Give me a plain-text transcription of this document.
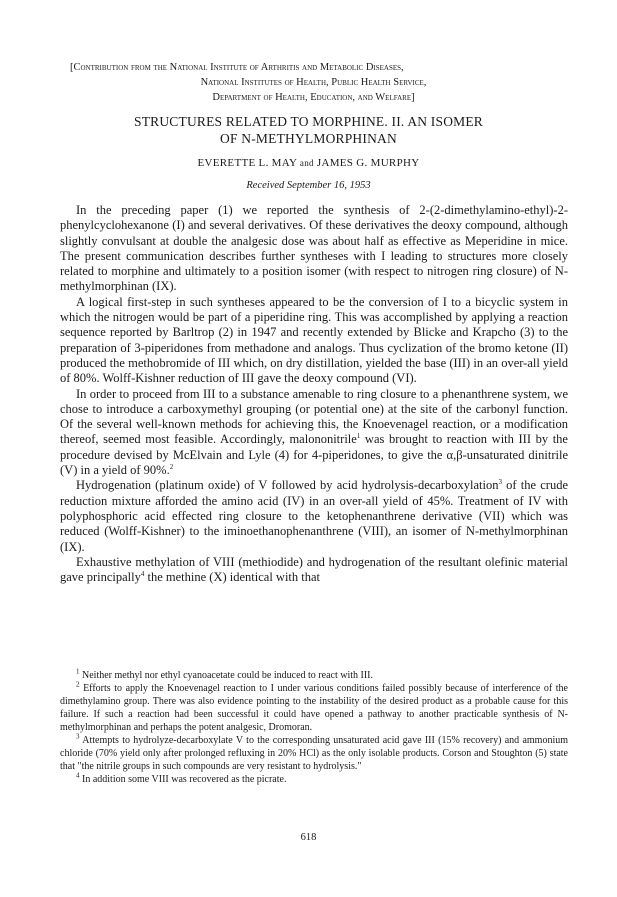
[Contribution from the National Institute of Arthritis and Metabolic Diseases,
National Institutes of Health, Public Health Service,
Department of Health, Education, and Welfare]
STRUCTURES RELATED TO MORPHINE. II. AN ISOMER
OF N-METHYLMORPHINAN
EVERETTE L. MAY and JAMES G. MURPHY
Received September 16, 1953

In the preceding paper (1) we reported the synthesis of 2-(2-dimethylamino-ethyl)-2-phenylcyclohexanone (I) and several derivatives. Of these derivatives the deoxy compound, although slightly convulsant at double the analgesic dose was about half as effective as Meperidine in mice. The present communication describes further syntheses with I leading to structures more closely related to morphine and ultimately to a position isomer (with respect to nitrogen ring closure) of N-methylmorphinan (IX).

A logical first-step in such syntheses appeared to be the conversion of I to a bicyclic system in which the nitrogen would be part of a piperidine ring. This was accomplished by applying a reaction sequence reported by Barltrop (2) in 1947 and recently extended by Blicke and Krapcho (3) to the preparation of 3-piperidones from methadone and analogs. Thus cyclization of the bromo ketone (II) produced the methobromide of III which, on dry distillation, yielded the base (III) in an over-all yield of 80%. Wolff-Kishner reduction of III gave the deoxy compound (VI).

In order to proceed from III to a substance amenable to ring closure to a phenanthrene system, we chose to introduce a carboxymethyl grouping (or potential one) at the site of the carbonyl function. Of the several well-known methods for achieving this, the Knoevenagel reaction, or a modification thereof, seemed most feasible. Accordingly, malononitrile$^1$ was brought to reaction with III by the procedure devised by McElvain and Lyle (4) for 4-piperidones, to give the α,β-unsaturated dinitrile (V) in a yield of 90%.$^2$

Hydrogenation (platinum oxide) of V followed by acid hydrolysis-decarboxylation$^3$ of the crude reduction mixture afforded the amino acid (IV) in an over-all yield of 45%. Treatment of IV with polyphosphoric acid effected ring closure to the ketophenanthrene derivative (VII) which was reduced (Wolff-Kishner) to the iminoethanophenanthrene (VIII), an isomer of N-methylmorphinan (IX).

Exhaustive methylation of VIII (methiodide) and hydrogenation of the resultant olefinic material gave principally$^4$ the methine (X) identical with that

$^1$ Neither methyl nor ethyl cyanoacetate could be induced to react with III.

$^2$ Efforts to apply the Knoevenagel reaction to I under various conditions failed possibly because of interference of the dimethylamino group. There was also evidence pointing to the instability of the desired product as a probable cause for this failure. If such a reaction had been successful it could have opened a pathway to another practicable synthesis of N-methylmorphinan and perhaps the potent analgesic, Dromoran.

$^3$ Attempts to hydrolyze-decarboxylate V to the corresponding unsaturated acid gave III (15% recovery) and ammonium chloride (70% yield only after prolonged refluxing in 20% HCl) as the only isolable products. Corson and Stoughton (5) state that "the nitrile groups in such compounds are very resistant to hydrolysis."

$^4$ In addition some VIII was recovered as the picrate.

618
